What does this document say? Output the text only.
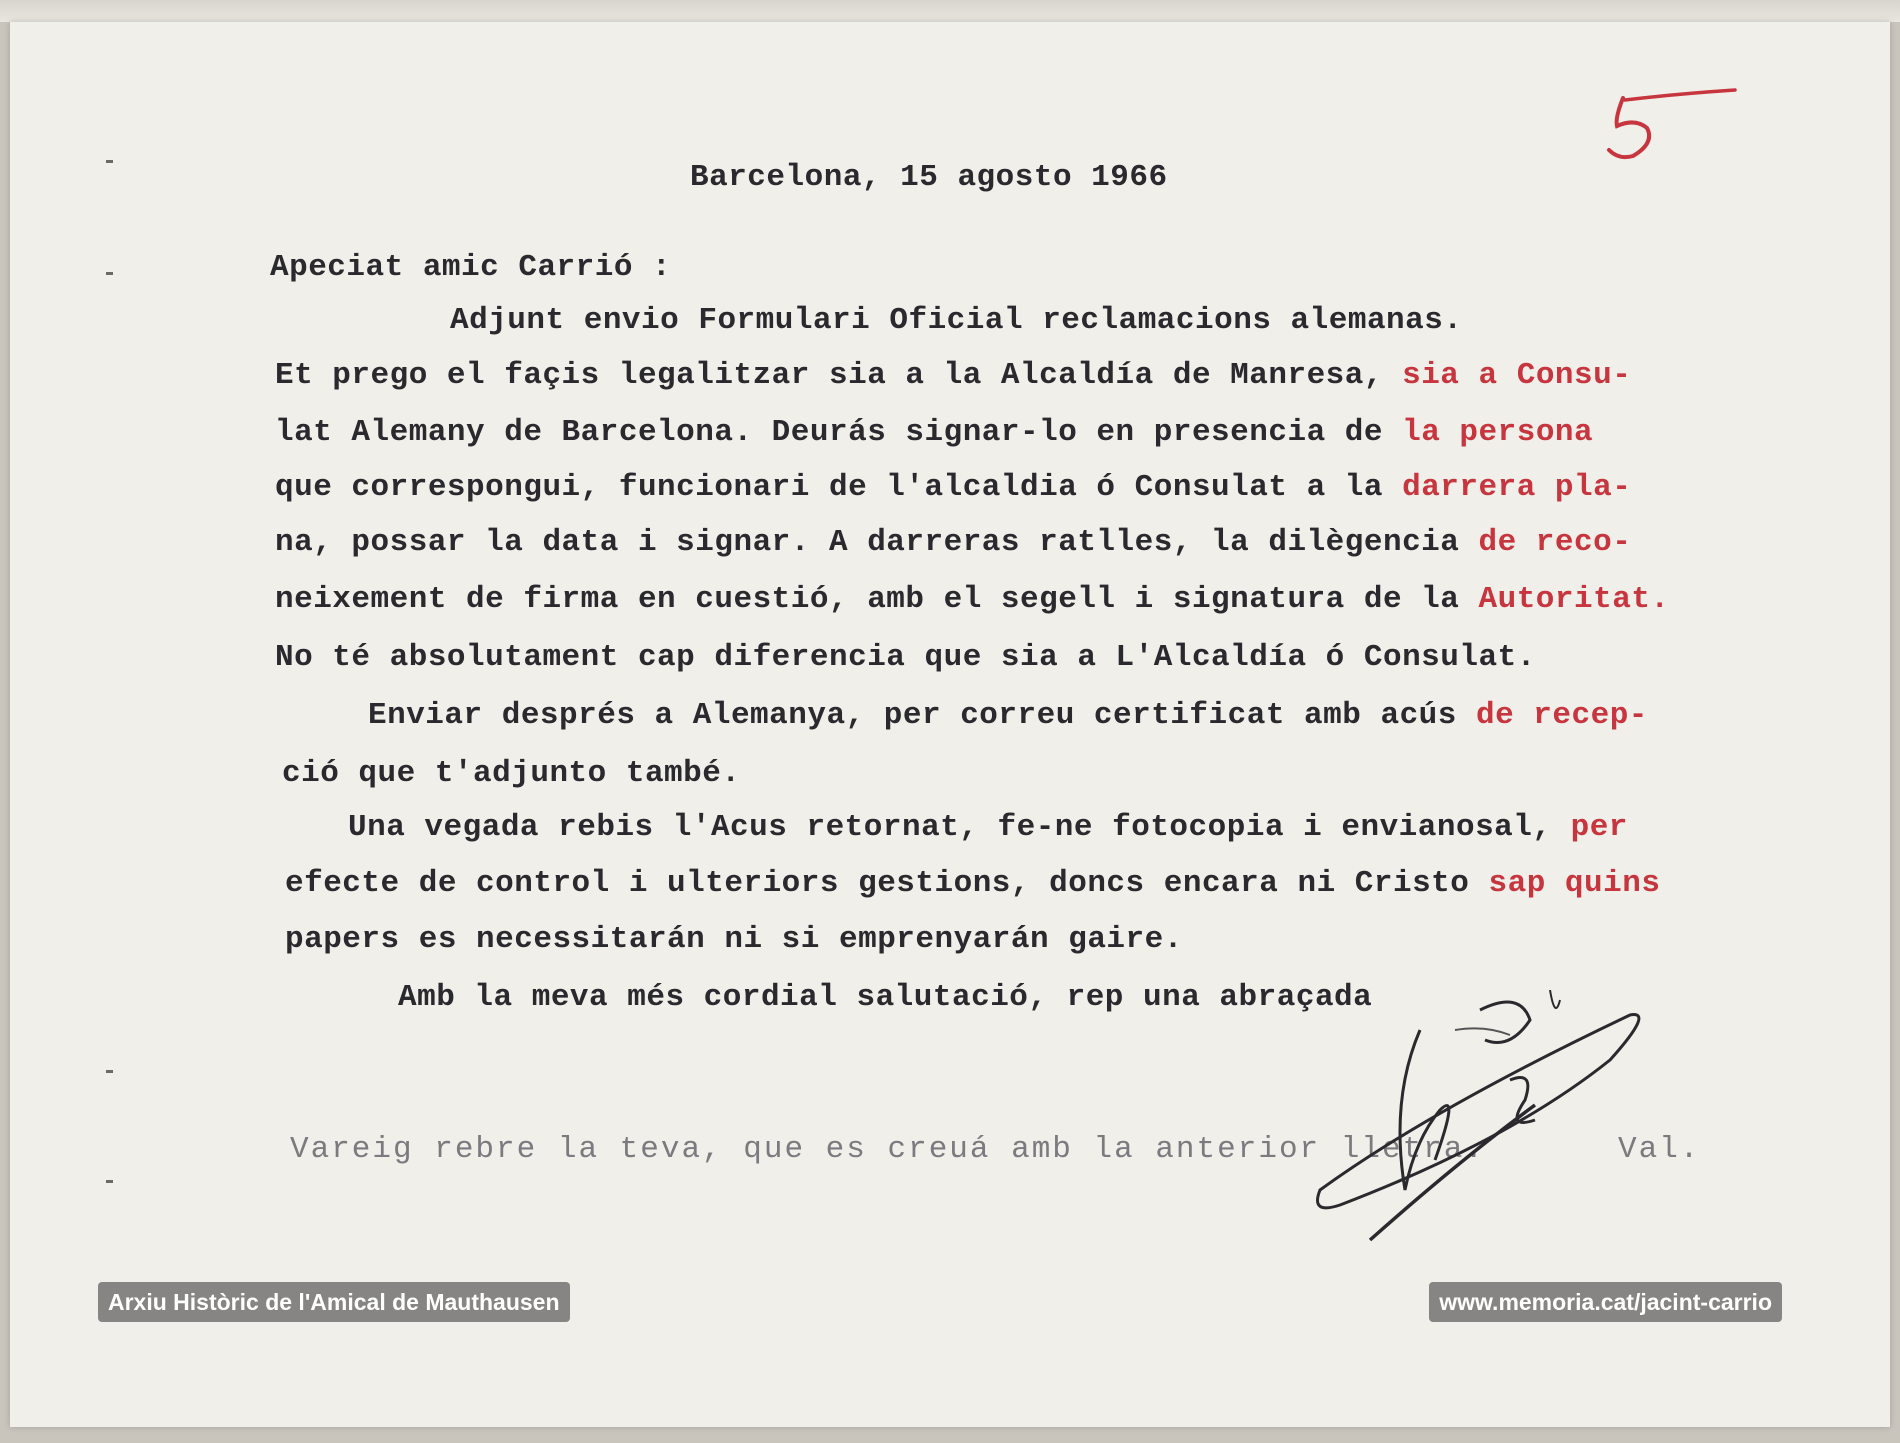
Barcelona, 15 agosto 1966
Apeciat amic Carrió :
Adjunt envio Formulari Oficial reclamacions alemanas.
Et prego el façis legalitzar sia a la Alcaldía de Manresa, sia a Consu-
lat Alemany de Barcelona. Deurás signar-lo en presencia de la persona
que correspongui, funcionari de l'alcaldia ó Consulat a la darrera pla-
na, possar la data i signar. A darreras ratlles, la dilègencia de reco-
neixement de firma en cuestió, amb el segell i signatura de la Autoritat.
No té absolutament cap diferencia que sia a L'Alcaldía ó Consulat.
Enviar després a Alemanya, per correu certificat amb acús de recep-
ció que t'adjunto també.
Una vegada rebis l'Acus retornat, fe-ne fotocopia i envianosal, per
efecte de control i ulteriors gestions, doncs encara ni Cristo sap quins
papers es necessitarán ni si emprenyarán gaire.
Amb la meva més cordial salutació, rep una abraçada
Vareig rebre la teva, que es creuá amb la anterior lletra.	Val.
Arxiu Històric de l'Amical de Mauthausen	www.memoria.cat/jacint-carrio
